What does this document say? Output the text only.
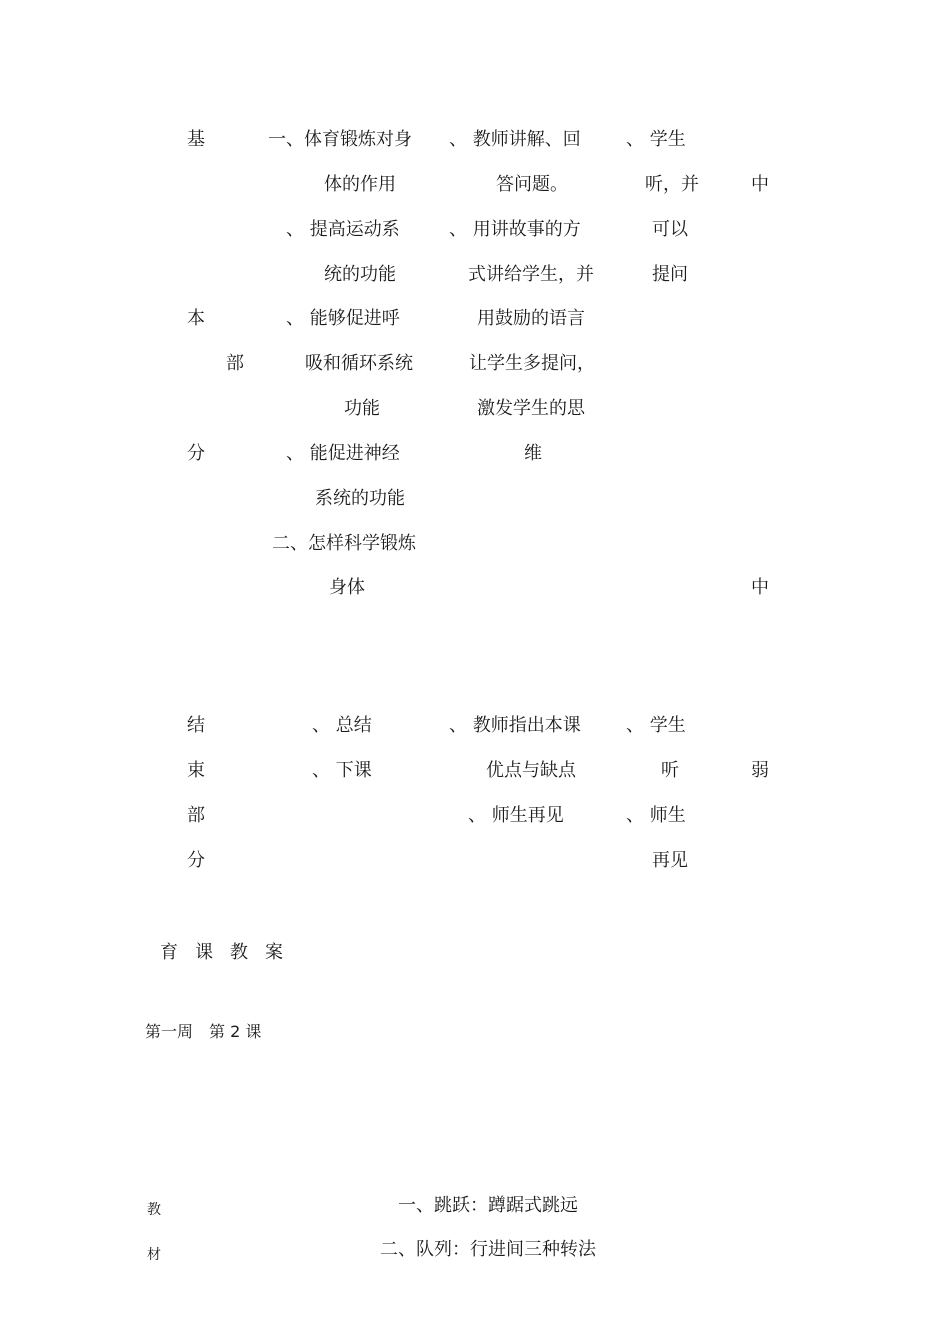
基
本
部
分
一、体育锻炼对身
体的作用
、 提高运动系
统的功能
、 能够促进呼
吸和循环系统
功能
、 能促进神经
系统的功能
二、怎样科学锻炼
身体
、 教师讲解、回
答问题。
、 用讲故事的方
式讲给学生，并
用鼓励的语言
让学生多提问，
激发学生的思
维
、 学生
听，并
可以
提问
中
中
结
束
部
分
、 总结
、 下课
、 教师指出本课
优点与缺点
、 师生再见
、 学生
听
、 师生
再见
弱
育课教案
第一周　第 2 课
教
材
一、跳跃：蹲踞式跳远
二、队列：行进间三种转法
